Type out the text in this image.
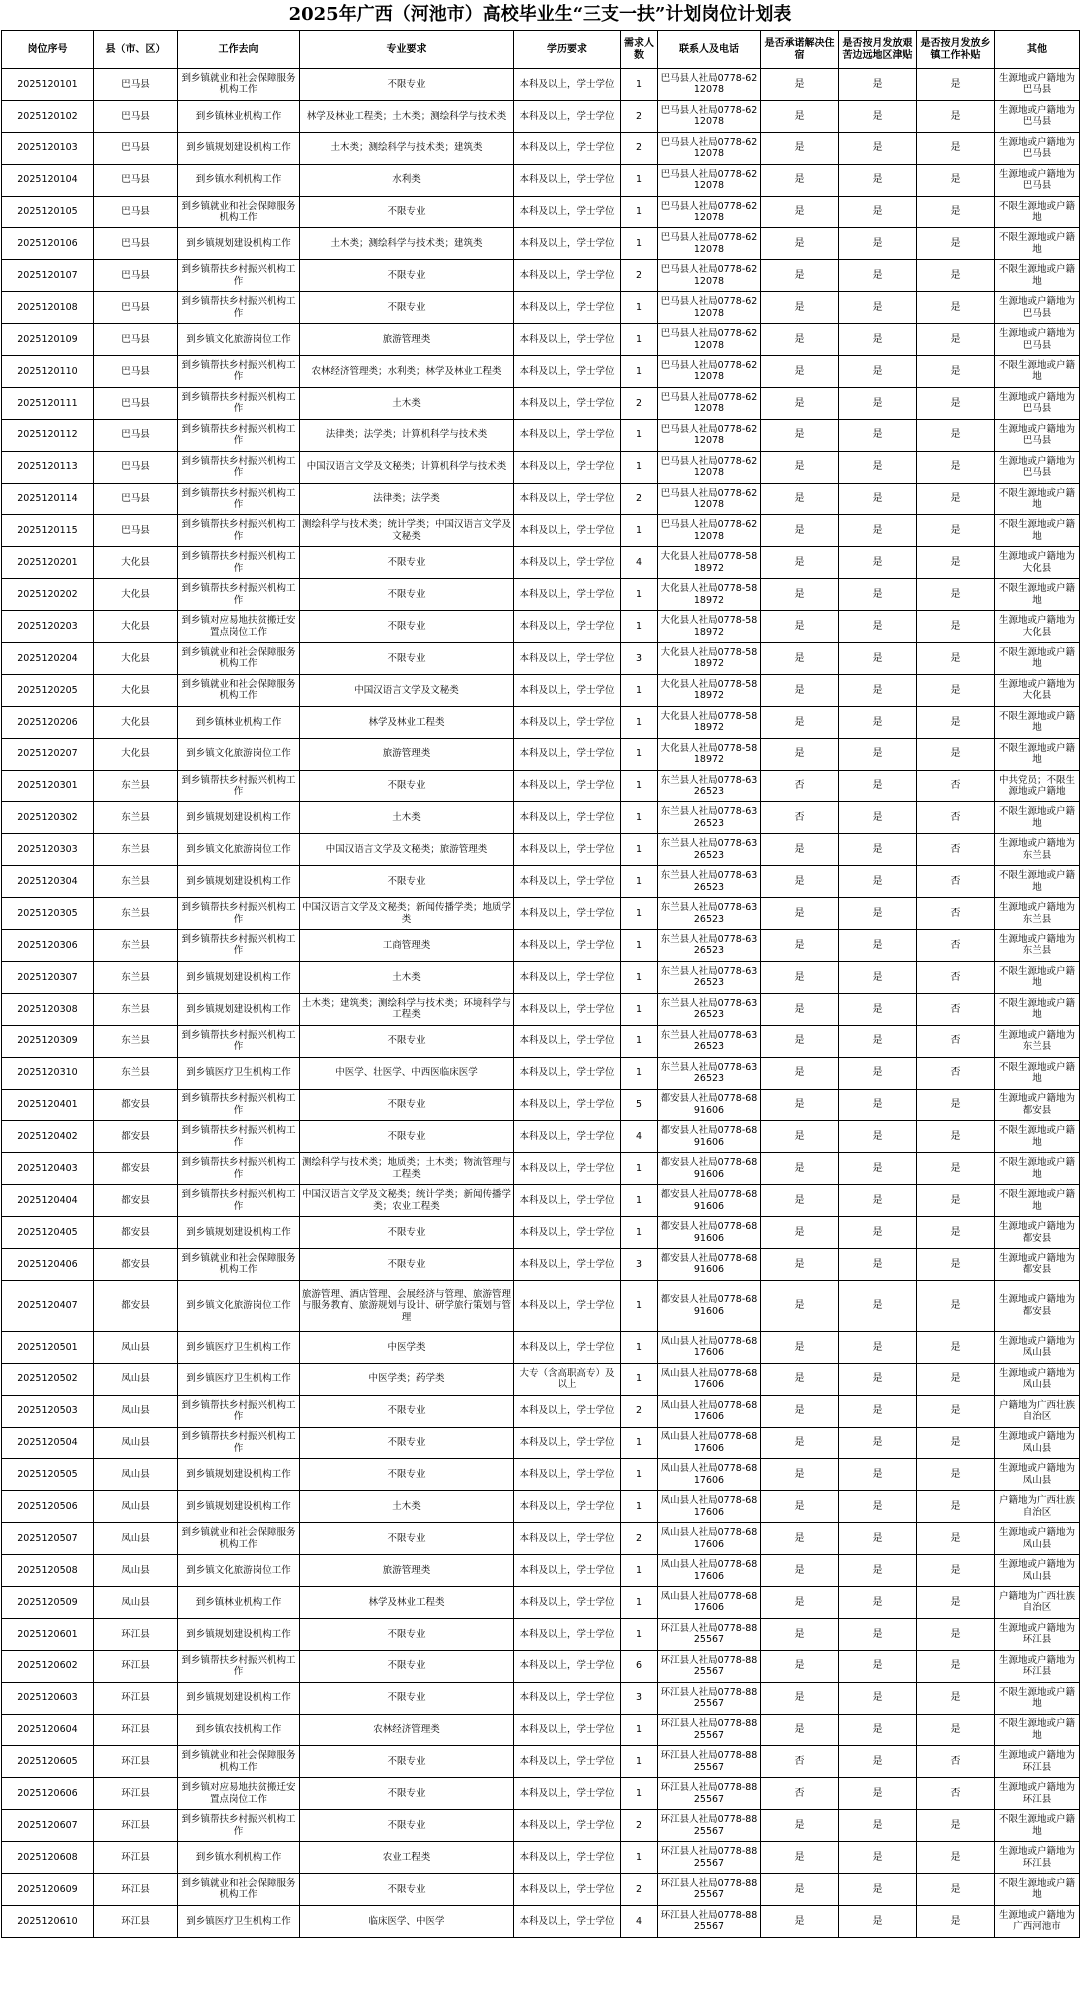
2025年广西（河池市）高校毕业生“三支一扶”计划岗位计划表
岗位序号	县（市、区）	工作去向	专业要求	学历要求	需求人数	联系人及电话	是否承诺解决住宿	是否按月发放艰苦边远地区津贴	是否按月发放乡镇工作补贴	其他
2025120101	巴马县	到乡镇就业和社会保障服务机构工作	不限专业	本科及以上，学士学位	1	巴马县人社局0778-6212078	是	是	是	生源地或户籍地为巴马县
2025120102	巴马县	到乡镇林业机构工作	林学及林业工程类；土木类；测绘科学与技术类	本科及以上，学士学位	2	巴马县人社局0778-6212078	是	是	是	生源地或户籍地为巴马县
2025120103	巴马县	到乡镇规划建设机构工作	土木类；测绘科学与技术类；建筑类	本科及以上，学士学位	2	巴马县人社局0778-6212078	是	是	是	生源地或户籍地为巴马县
2025120104	巴马县	到乡镇水利机构工作	水利类	本科及以上，学士学位	1	巴马县人社局0778-6212078	是	是	是	生源地或户籍地为巴马县
2025120105	巴马县	到乡镇就业和社会保障服务机构工作	不限专业	本科及以上，学士学位	1	巴马县人社局0778-6212078	是	是	是	不限生源地或户籍地
2025120106	巴马县	到乡镇规划建设机构工作	土木类；测绘科学与技术类；建筑类	本科及以上，学士学位	1	巴马县人社局0778-6212078	是	是	是	不限生源地或户籍地
2025120107	巴马县	到乡镇帮扶乡村振兴机构工作	不限专业	本科及以上，学士学位	2	巴马县人社局0778-6212078	是	是	是	不限生源地或户籍地
2025120108	巴马县	到乡镇帮扶乡村振兴机构工作	不限专业	本科及以上，学士学位	1	巴马县人社局0778-6212078	是	是	是	生源地或户籍地为巴马县
2025120109	巴马县	到乡镇文化旅游岗位工作	旅游管理类	本科及以上，学士学位	1	巴马县人社局0778-6212078	是	是	是	生源地或户籍地为巴马县
2025120110	巴马县	到乡镇帮扶乡村振兴机构工作	农林经济管理类；水利类；林学及林业工程类	本科及以上，学士学位	1	巴马县人社局0778-6212078	是	是	是	不限生源地或户籍地
2025120111	巴马县	到乡镇帮扶乡村振兴机构工作	土木类	本科及以上，学士学位	2	巴马县人社局0778-6212078	是	是	是	生源地或户籍地为巴马县
2025120112	巴马县	到乡镇帮扶乡村振兴机构工作	法律类；法学类；计算机科学与技术类	本科及以上，学士学位	1	巴马县人社局0778-6212078	是	是	是	生源地或户籍地为巴马县
2025120113	巴马县	到乡镇帮扶乡村振兴机构工作	中国汉语言文学及文秘类；计算机科学与技术类	本科及以上，学士学位	1	巴马县人社局0778-6212078	是	是	是	生源地或户籍地为巴马县
2025120114	巴马县	到乡镇帮扶乡村振兴机构工作	法律类；法学类	本科及以上，学士学位	2	巴马县人社局0778-6212078	是	是	是	不限生源地或户籍地
2025120115	巴马县	到乡镇帮扶乡村振兴机构工作	测绘科学与技术类；统计学类；中国汉语言文学及文秘类	本科及以上，学士学位	1	巴马县人社局0778-6212078	是	是	是	不限生源地或户籍地
2025120201	大化县	到乡镇帮扶乡村振兴机构工作	不限专业	本科及以上，学士学位	4	大化县人社局0778-5818972	是	是	是	生源地或户籍地为大化县
2025120202	大化县	到乡镇帮扶乡村振兴机构工作	不限专业	本科及以上，学士学位	1	大化县人社局0778-5818972	是	是	是	不限生源地或户籍地
2025120203	大化县	到乡镇对应易地扶贫搬迁安置点岗位工作	不限专业	本科及以上，学士学位	1	大化县人社局0778-5818972	是	是	是	生源地或户籍地为大化县
2025120204	大化县	到乡镇就业和社会保障服务机构工作	不限专业	本科及以上，学士学位	3	大化县人社局0778-5818972	是	是	是	不限生源地或户籍地
2025120205	大化县	到乡镇就业和社会保障服务机构工作	中国汉语言文学及文秘类	本科及以上，学士学位	1	大化县人社局0778-5818972	是	是	是	生源地或户籍地为大化县
2025120206	大化县	到乡镇林业机构工作	林学及林业工程类	本科及以上，学士学位	1	大化县人社局0778-5818972	是	是	是	不限生源地或户籍地
2025120207	大化县	到乡镇文化旅游岗位工作	旅游管理类	本科及以上，学士学位	1	大化县人社局0778-5818972	是	是	是	不限生源地或户籍地
2025120301	东兰县	到乡镇帮扶乡村振兴机构工作	不限专业	本科及以上，学士学位	1	东兰县人社局0778-6326523	否	是	否	中共党员；不限生源地或户籍地
2025120302	东兰县	到乡镇规划建设机构工作	土木类	本科及以上，学士学位	1	东兰县人社局0778-6326523	否	是	否	不限生源地或户籍地
2025120303	东兰县	到乡镇文化旅游岗位工作	中国汉语言文学及文秘类；旅游管理类	本科及以上，学士学位	1	东兰县人社局0778-6326523	是	是	否	生源地或户籍地为东兰县
2025120304	东兰县	到乡镇规划建设机构工作	不限专业	本科及以上，学士学位	1	东兰县人社局0778-6326523	是	是	否	不限生源地或户籍地
2025120305	东兰县	到乡镇帮扶乡村振兴机构工作	中国汉语言文学及文秘类；新闻传播学类；地质学类	本科及以上，学士学位	1	东兰县人社局0778-6326523	是	是	否	生源地或户籍地为东兰县
2025120306	东兰县	到乡镇帮扶乡村振兴机构工作	工商管理类	本科及以上，学士学位	1	东兰县人社局0778-6326523	是	是	否	生源地或户籍地为东兰县
2025120307	东兰县	到乡镇规划建设机构工作	土木类	本科及以上，学士学位	1	东兰县人社局0778-6326523	是	是	否	不限生源地或户籍地
2025120308	东兰县	到乡镇规划建设机构工作	土木类；建筑类；测绘科学与技术类；环境科学与工程类	本科及以上，学士学位	1	东兰县人社局0778-6326523	是	是	否	不限生源地或户籍地
2025120309	东兰县	到乡镇帮扶乡村振兴机构工作	不限专业	本科及以上，学士学位	1	东兰县人社局0778-6326523	是	是	否	生源地或户籍地为东兰县
2025120310	东兰县	到乡镇医疗卫生机构工作	中医学、壮医学、中西医临床医学	本科及以上，学士学位	1	东兰县人社局0778-6326523	是	是	否	不限生源地或户籍地
2025120401	都安县	到乡镇帮扶乡村振兴机构工作	不限专业	本科及以上，学士学位	5	都安县人社局0778-6891606	是	是	是	生源地或户籍地为都安县
2025120402	都安县	到乡镇帮扶乡村振兴机构工作	不限专业	本科及以上，学士学位	4	都安县人社局0778-6891606	是	是	是	不限生源地或户籍地
2025120403	都安县	到乡镇帮扶乡村振兴机构工作	测绘科学与技术类；地质类；土木类；物流管理与工程类	本科及以上，学士学位	1	都安县人社局0778-6891606	是	是	是	不限生源地或户籍地
2025120404	都安县	到乡镇帮扶乡村振兴机构工作	中国汉语言文学及文秘类；统计学类；新闻传播学类；农业工程类	本科及以上，学士学位	1	都安县人社局0778-6891606	是	是	是	不限生源地或户籍地
2025120405	都安县	到乡镇规划建设机构工作	不限专业	本科及以上，学士学位	1	都安县人社局0778-6891606	是	是	是	生源地或户籍地为都安县
2025120406	都安县	到乡镇就业和社会保障服务机构工作	不限专业	本科及以上，学士学位	3	都安县人社局0778-6891606	是	是	是	生源地或户籍地为都安县
2025120407	都安县	到乡镇文化旅游岗位工作	旅游管理、酒店管理、会展经济与管理、旅游管理与服务教育、旅游规划与设计、研学旅行策划与管理	本科及以上，学士学位	1	都安县人社局0778-6891606	是	是	是	生源地或户籍地为都安县
2025120501	凤山县	到乡镇医疗卫生机构工作	中医学类	本科及以上，学士学位	1	凤山县人社局0778-6817606	是	是	是	生源地或户籍地为凤山县
2025120502	凤山县	到乡镇医疗卫生机构工作	中医学类；药学类	大专（含高职高专）及以上	1	凤山县人社局0778-6817606	是	是	是	生源地或户籍地为凤山县
2025120503	凤山县	到乡镇帮扶乡村振兴机构工作	不限专业	本科及以上，学士学位	2	凤山县人社局0778-6817606	是	是	是	户籍地为广西壮族自治区
2025120504	凤山县	到乡镇帮扶乡村振兴机构工作	不限专业	本科及以上，学士学位	1	凤山县人社局0778-6817606	是	是	是	生源地或户籍地为凤山县
2025120505	凤山县	到乡镇规划建设机构工作	不限专业	本科及以上，学士学位	1	凤山县人社局0778-6817606	是	是	是	生源地或户籍地为凤山县
2025120506	凤山县	到乡镇规划建设机构工作	土木类	本科及以上，学士学位	1	凤山县人社局0778-6817606	是	是	是	户籍地为广西壮族自治区
2025120507	凤山县	到乡镇就业和社会保障服务机构工作	不限专业	本科及以上，学士学位	2	凤山县人社局0778-6817606	是	是	是	生源地或户籍地为凤山县
2025120508	凤山县	到乡镇文化旅游岗位工作	旅游管理类	本科及以上，学士学位	1	凤山县人社局0778-6817606	是	是	是	生源地或户籍地为凤山县
2025120509	凤山县	到乡镇林业机构工作	林学及林业工程类	本科及以上，学士学位	1	凤山县人社局0778-6817606	是	是	是	户籍地为广西壮族自治区
2025120601	环江县	到乡镇规划建设机构工作	不限专业	本科及以上，学士学位	1	环江县人社局0778-8825567	是	是	是	生源地或户籍地为环江县
2025120602	环江县	到乡镇帮扶乡村振兴机构工作	不限专业	本科及以上，学士学位	6	环江县人社局0778-8825567	是	是	是	生源地或户籍地为环江县
2025120603	环江县	到乡镇规划建设机构工作	不限专业	本科及以上，学士学位	3	环江县人社局0778-8825567	是	是	是	不限生源地或户籍地
2025120604	环江县	到乡镇农技机构工作	农林经济管理类	本科及以上，学士学位	1	环江县人社局0778-8825567	是	是	是	不限生源地或户籍地
2025120605	环江县	到乡镇就业和社会保障服务机构工作	不限专业	本科及以上，学士学位	1	环江县人社局0778-8825567	否	是	否	生源地或户籍地为环江县
2025120606	环江县	到乡镇对应易地扶贫搬迁安置点岗位工作	不限专业	本科及以上，学士学位	1	环江县人社局0778-8825567	否	是	否	生源地或户籍地为环江县
2025120607	环江县	到乡镇帮扶乡村振兴机构工作	不限专业	本科及以上，学士学位	2	环江县人社局0778-8825567	是	是	是	不限生源地或户籍地
2025120608	环江县	到乡镇水利机构工作	农业工程类	本科及以上，学士学位	1	环江县人社局0778-8825567	是	是	是	生源地或户籍地为环江县
2025120609	环江县	到乡镇就业和社会保障服务机构工作	不限专业	本科及以上，学士学位	2	环江县人社局0778-8825567	是	是	是	不限生源地或户籍地
2025120610	环江县	到乡镇医疗卫生机构工作	临床医学、中医学	本科及以上，学士学位	4	环江县人社局0778-8825567	是	是	是	生源地或户籍地为广西河池市
